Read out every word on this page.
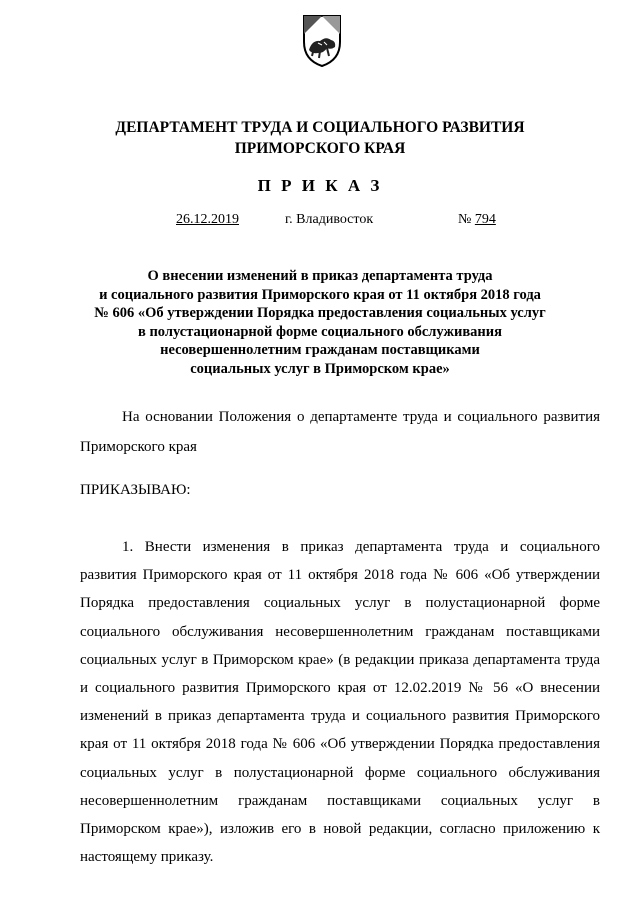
ДЕПАРТАМЕНТ ТРУДА И СОЦИАЛЬНОГО РАЗВИТИЯ
ПРИМОРСКОГО КРАЯ
П Р И К А З
26.12.2019	г. Владивосток	№ 794
О внесении изменений в приказ департамента труда
и социального развития Приморского края от 11 октября 2018 года
№ 606 «Об утверждении Порядка предоставления социальных услуг
в полустационарной форме социального обслуживания
несовершеннолетним гражданам поставщиками
социальных услуг в Приморском крае»
На основании Положения о департаменте труда и социального развития
Приморского края
ПРИКАЗЫВАЮ:
1. Внести изменения в приказ департамента труда и социального
развития Приморского края от 11 октября 2018 года № 606 «Об утверждении
Порядка предоставления социальных услуг в полустационарной форме
социального обслуживания несовершеннолетним гражданам поставщиками
социальных услуг в Приморском крае» (в редакции приказа департамента труда
и социального развития Приморского края от 12.02.2019 № 56 «О внесении
изменений в приказ департамента труда и социального развития Приморского
края от 11 октября 2018 года № 606 «Об утверждении Порядка предоставления
социальных услуг в полустационарной форме социального обслуживания
несовершеннолетним гражданам поставщиками социальных услуг в
Приморском крае»), изложив его в новой редакции, согласно приложению к
настоящему приказу.
